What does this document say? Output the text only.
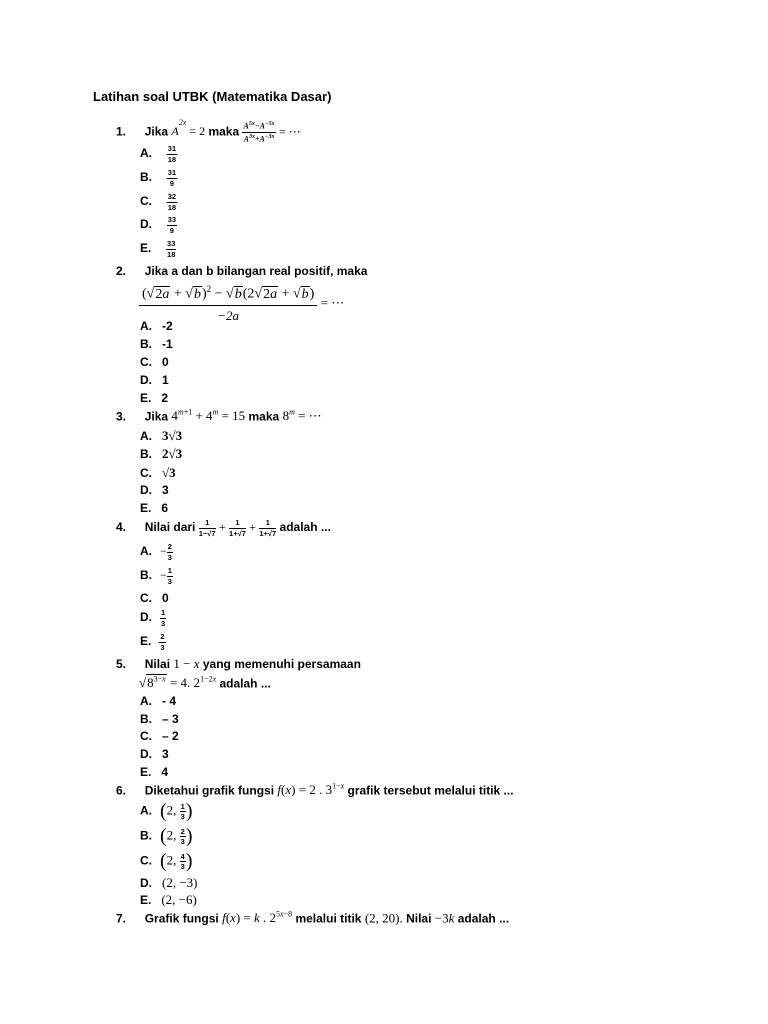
Latihan soal UTBK (Matematika Dasar)
1. Jika $A^{2x} = 2$ maka $\frac{A^{5x}-A^{-5x}}{A^{3x}+A^{-3x}}$ = ⋯
A. $\frac{31}{18}$
B. $\frac{31}{9}$
C. $\frac{32}{18}$
D. $\frac{33}{9}$
E. $\frac{33}{18}$
2. Jika a dan b bilangan real positif, maka
$\frac{(√2a + √b)^2 - √b(2√2a + √b)}{-2a}$ = ⋯
A. -2
B. -1
C. 0
D. 1
E. 2
3. Jika $4^{m+1} + 4^m = 15$ maka $8^m$ = ⋯
A. 3√3
B. 2√3
C. √3
D. 3
E. 6
4. Nilai dari $\frac{1}{1-√7} + \frac{1}{1+√7} + \frac{1}{1+√7}$ adalah ...
A. − $\frac{2}{3}$
B. − $\frac{1}{3}$
C. 0
D. $\frac{1}{3}$
E. $\frac{2}{3}$
5. Nilai 1 − x yang memenuhi persamaan
$√8^{3-x} = 4$. $2^{1-2x}$ adalah ...
A. - 4
B. – 3
C. – 2
D. 3
E. 4
6. Diketahui grafik fungsi f(x) = 2 . $3^{1-x}$ grafik tersebut melalui titik ...
A. (2, $\frac{1}{3}$ )
B. (2, $\frac{2}{3}$ )
C. (2, $\frac{4}{3}$ )
D. (2, −3)
E. (2, −6)
7. Grafik fungsi f(x) = k . $2^{5x-8}$ melalui titik (2, 20). Nilai −3k adalah ...
